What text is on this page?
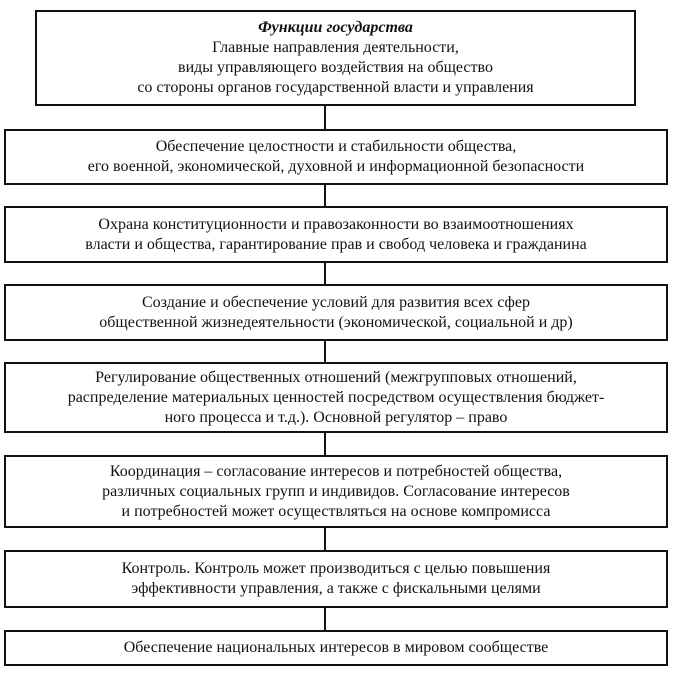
Функции государства
Главные направления деятельности,
виды управляющего воздействия на общество
со стороны органов государственной власти и управления
Обеспечение целостности и стабильности общества,
его военной, экономической, духовной и информационной безопасности
Охрана конституционности и правозаконности во взаимоотношениях
власти и общества, гарантирование прав и свобод человека и гражданина
Создание и обеспечение условий для развития всех сфер
общественной жизнедеятельности (экономической, социальной и др)
Регулирование общественных отношений (межгрупповых отношений,
распределение материальных ценностей посредством осуществления бюджет-
ного процесса и т.д.). Основной регулятор – право
Координация – согласование интересов и потребностей общества,
различных социальных групп и индивидов. Согласование интересов
и потребностей может осуществляться на основе компромисса
Контроль. Контроль может производиться с целью повышения
эффективности управления, а также с фискальными целями
Обеспечение национальных интересов в мировом сообществе
